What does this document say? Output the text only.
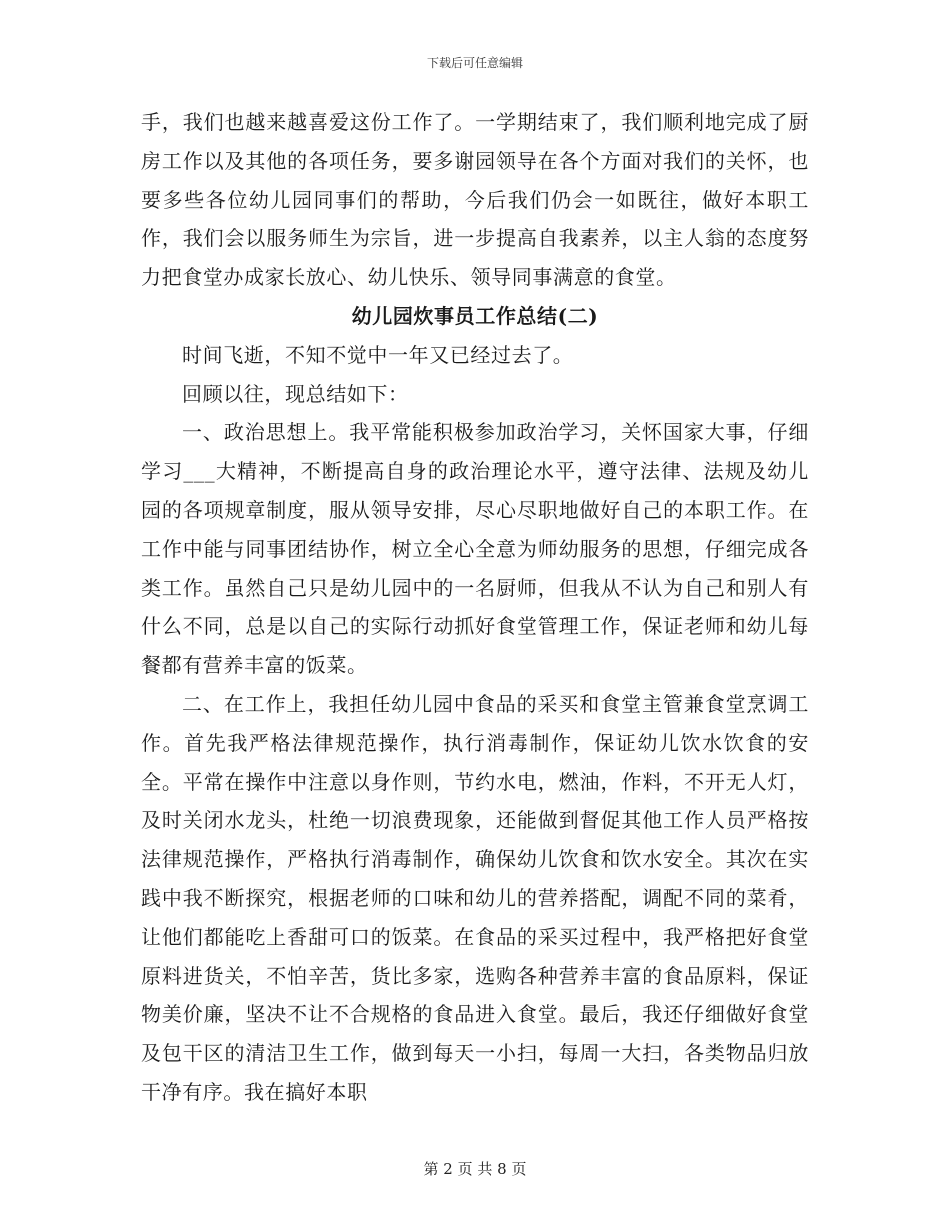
下载后可任意编辑

手，我们也越来越喜爱这份工作了。一学期结束了，我们顺利地完成了厨房工作以及其他的各项任务，要多谢园领导在各个方面对我们的关怀，也要多些各位幼儿园同事们的帮助，今后我们仍会一如既往，做好本职工作，我们会以服务师生为宗旨，进一步提高自我素养，以主人翁的态度努力把食堂办成家长放心、幼儿快乐、领导同事满意的食堂。

幼儿园炊事员工作总结(二)

时间飞逝，不知不觉中一年又已经过去了。

回顾以往，现总结如下：

一、政治思想上。我平常能积极参加政治学习，关怀国家大事，仔细学习___大精神，不断提高自身的政治理论水平，遵守法律、法规及幼儿园的各项规章制度，服从领导安排，尽心尽职地做好自己的本职工作。在工作中能与同事团结协作，树立全心全意为师幼服务的思想，仔细完成各类工作。虽然自己只是幼儿园中的一名厨师，但我从不认为自己和别人有什么不同，总是以自己的实际行动抓好食堂管理工作，保证老师和幼儿每餐都有营养丰富的饭菜。

二、在工作上，我担任幼儿园中食品的采买和食堂主管兼食堂烹调工作。首先我严格法律规范操作，执行消毒制作，保证幼儿饮水饮食的安全。平常在操作中注意以身作则，节约水电，燃油，作料，不开无人灯，及时关闭水龙头，杜绝一切浪费现象，还能做到督促其他工作人员严格按法律规范操作，严格执行消毒制作，确保幼儿饮食和饮水安全。其次在实践中我不断探究，根据老师的口味和幼儿的营养搭配，调配不同的菜肴，让他们都能吃上香甜可口的饭菜。在食品的采买过程中，我严格把好食堂原料进货关，不怕辛苦，货比多家，选购各种营养丰富的食品原料，保证物美价廉，坚决不让不合规格的食品进入食堂。最后，我还仔细做好食堂及包干区的清洁卫生工作，做到每天一小扫，每周一大扫，各类物品归放干净有序。我在搞好本职

第 2 页 共 8 页
